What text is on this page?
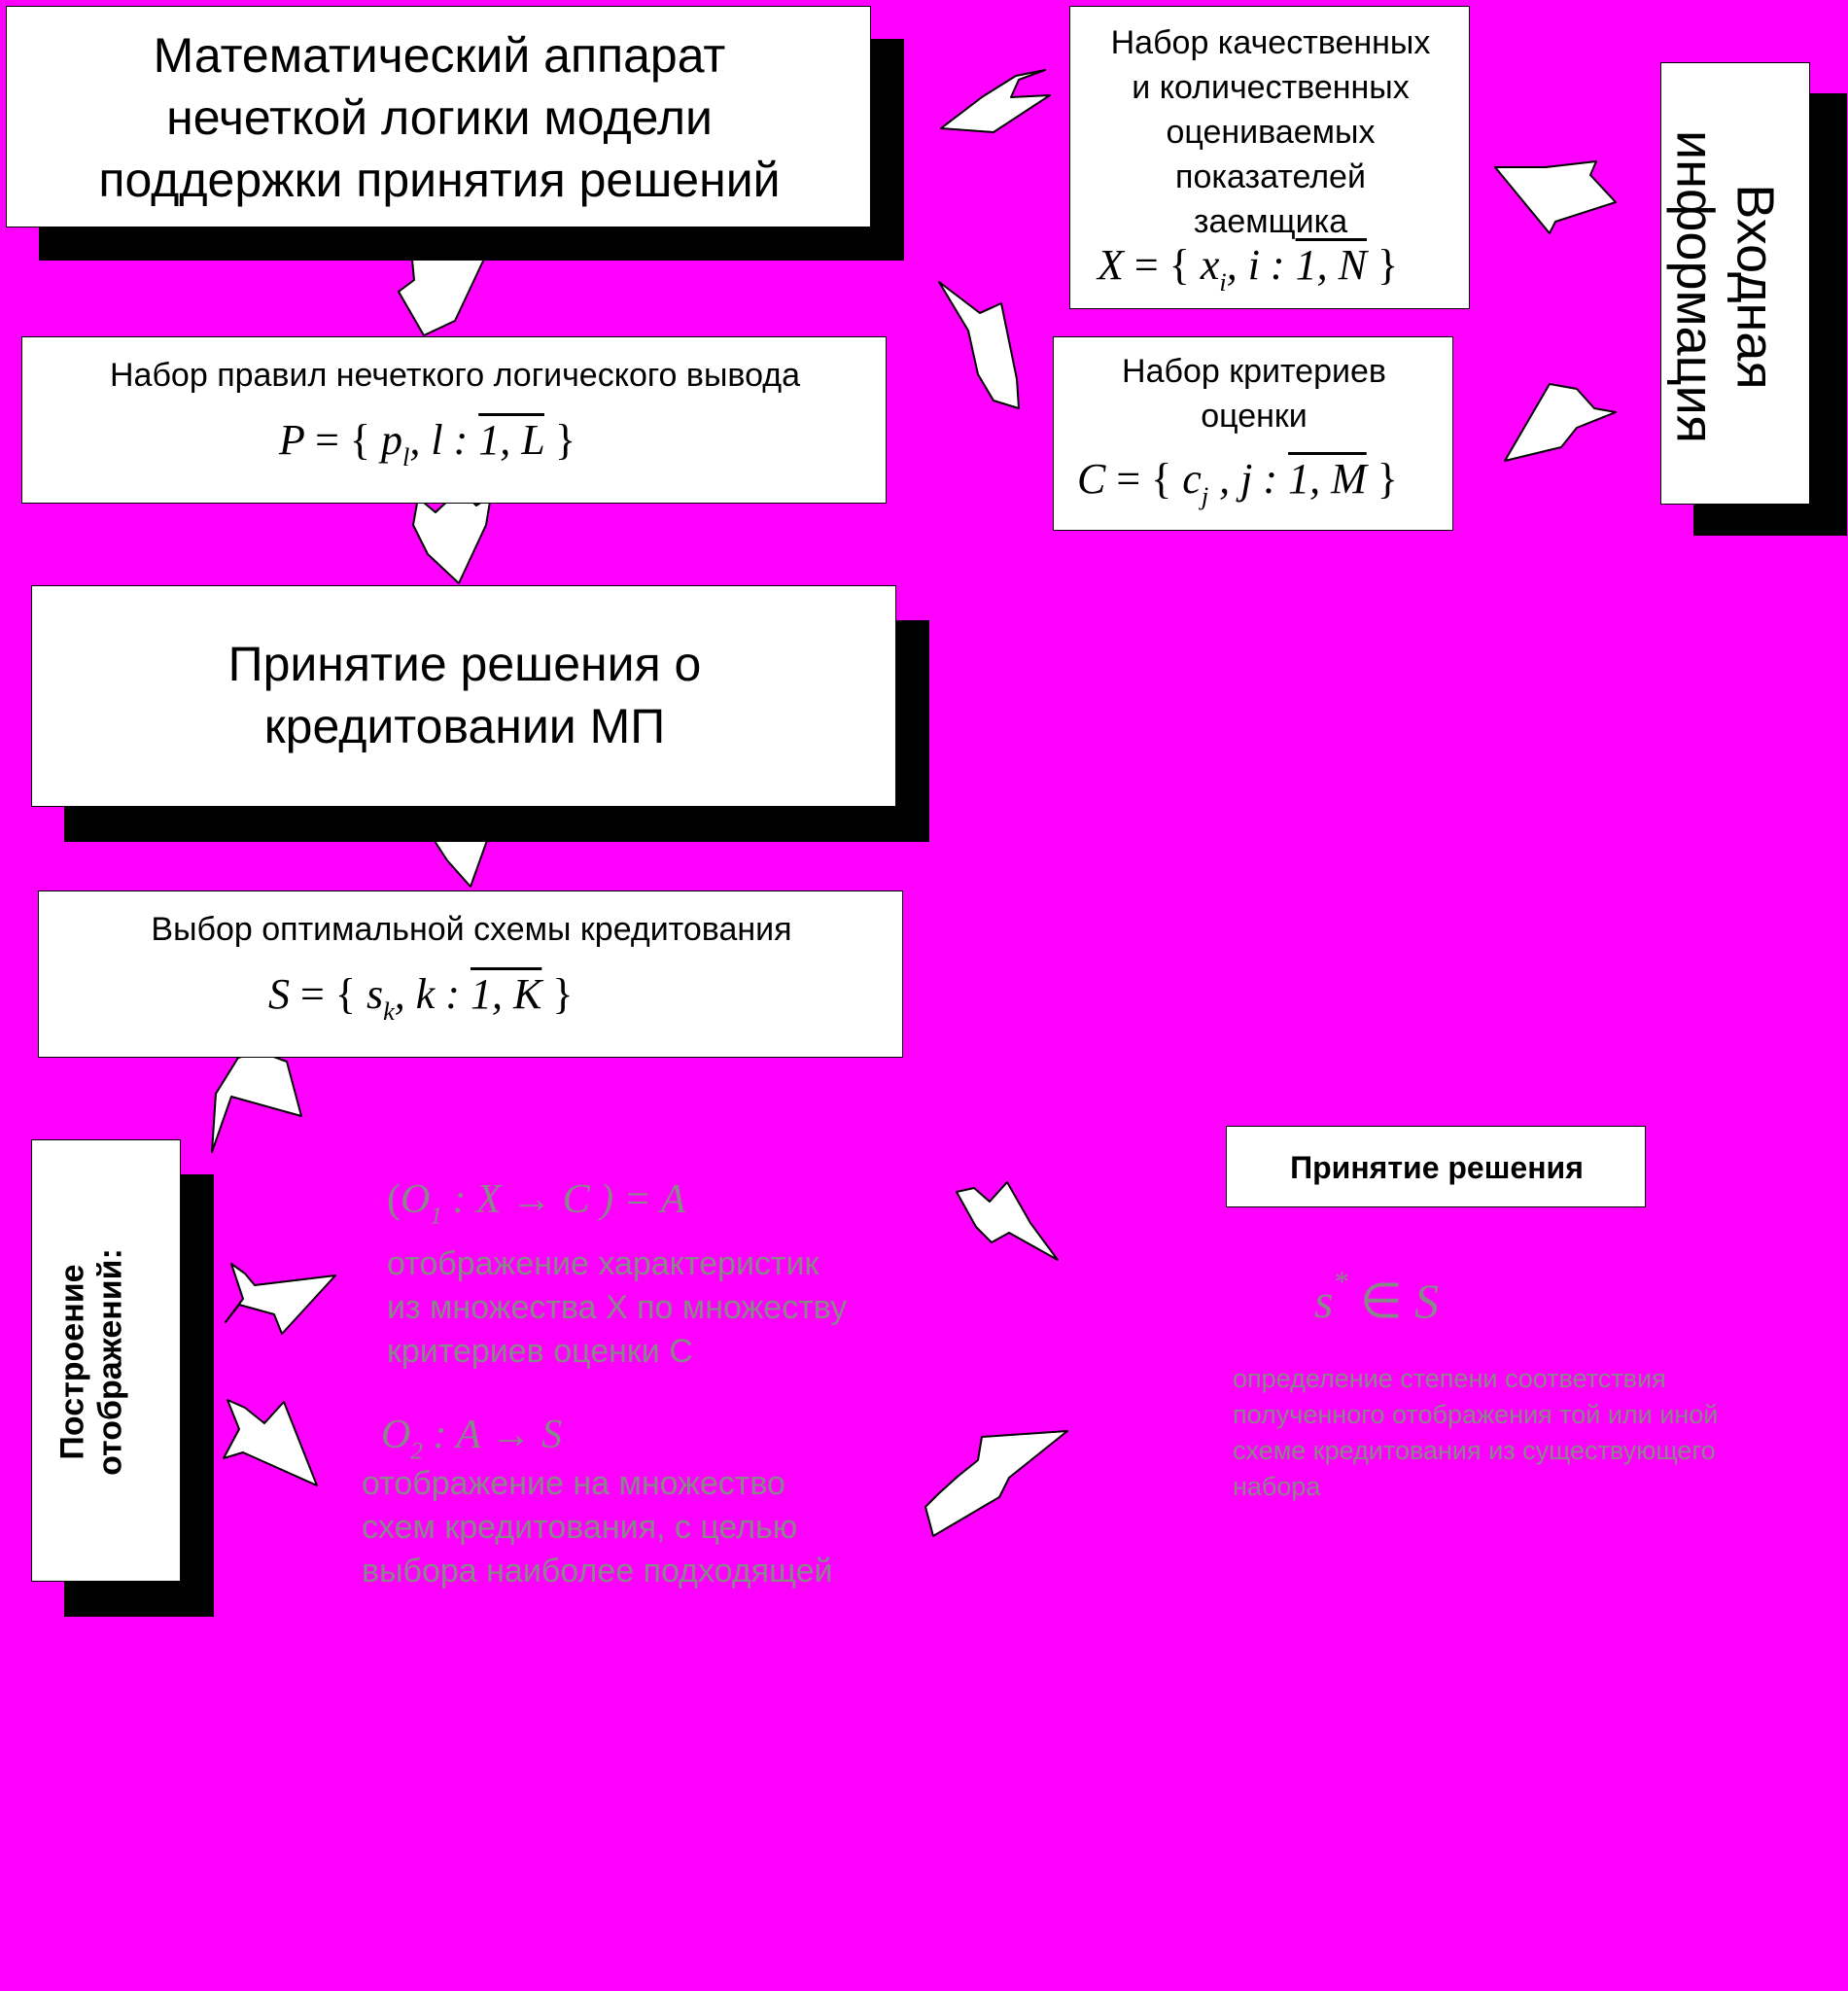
Математический аппарат
нечеткой логики модели
поддержки принятия решений
Набор качественных
и количественных
оцениваемых
показателей
заемщика
X = { $x_i$, i : 1, N }	Входная
информация
Набор правил нечеткого логического вывода
P = { $p_l$, l : 1, L }
Набор критериев
оценки
C = { $c_j$ , j : 1, M }
Принятие решения о
кредитовании МП
Выбор оптимальной схемы кредитования
S = { $s_k$, k : 1, K }
Построение отображений:
($O_1$ : X → C ) = A
отображение характеристик
из множества X по множеству
критериев оценки C
$O_2$ : A → S
отображение на множество
схем кредитования, с целью
выбора наиболее подходящей
Принятие решения
s* ∈ S
определение степени соответствия
полученного отображения той или иной
схеме кредитования из существующего
набора
